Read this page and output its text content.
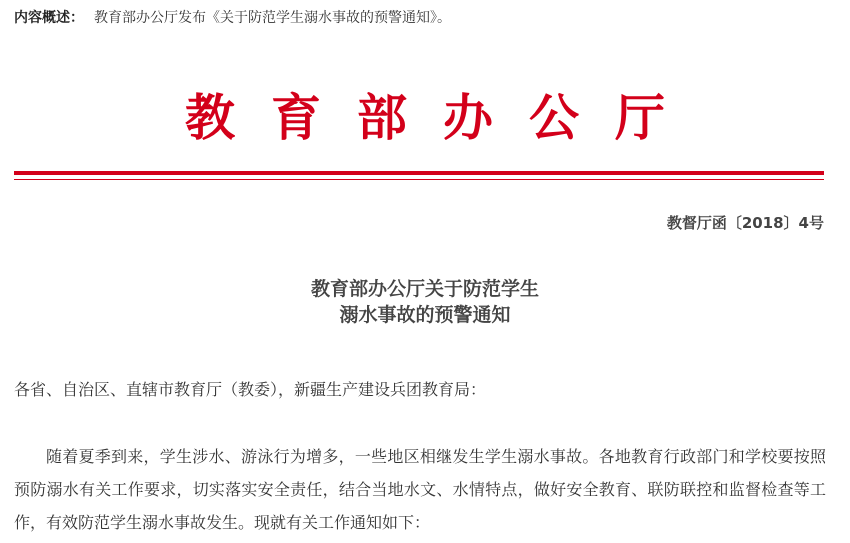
内容概述： 教育部办公厅发布《关于防范学生溺水事故的预警通知》。
教育部办公厅
教督厅函〔2018〕4号
教育部办公厅关于防范学生
溺水事故的预警通知
各省、自治区、直辖市教育厅（教委），新疆生产建设兵团教育局：
随着夏季到来，学生涉水、游泳行为增多，一些地区相继发生学生溺水事故。各地教育行政部门和学校要按照预防溺水有关工作要求，切实落实安全责任，结合当地水文、水情特点，做好安全教育、联防联控和监督检查等工作，有效防范学生溺水事故发生。现就有关工作通知如下：
